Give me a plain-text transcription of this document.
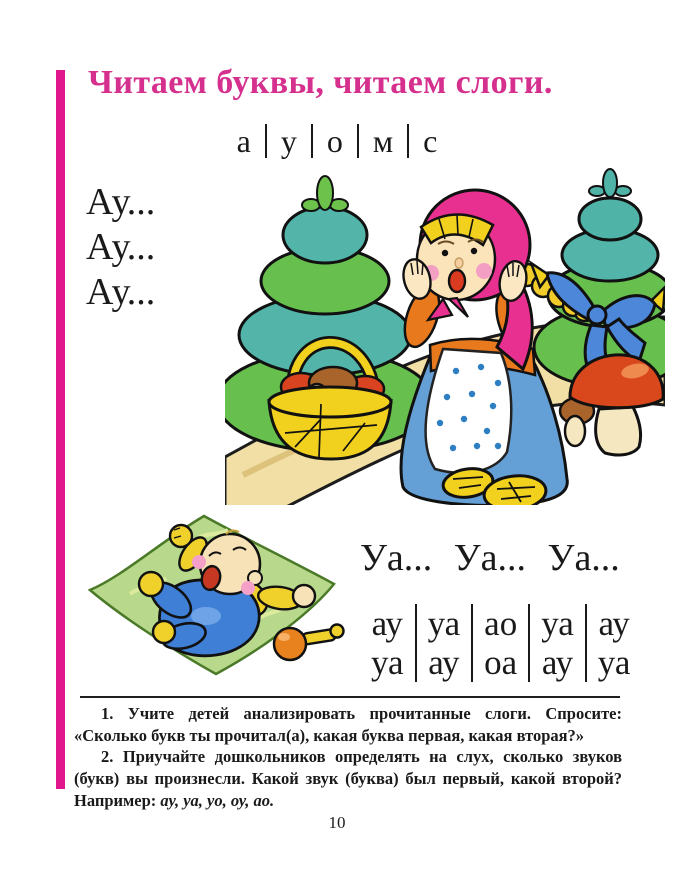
Читаем буквы, читаем слоги.
а у о м с
Ау...
Ау...
Ау...
Уа... Уа... Уа...
ау
уа
уа
ау
ао
оа
уа
ау
ау
уа

1. Учите детей анализировать прочитанные слоги. Спросите: «Сколько букв ты прочитал(а), какая буква первая, какая вторая?»

2. Приучайте дошкольников определять на слух, сколько звуков (букв) вы произнесли. Какой звук (буква) был первый, какой второй? Например: ау, уа, уо, оу, ао.

10
